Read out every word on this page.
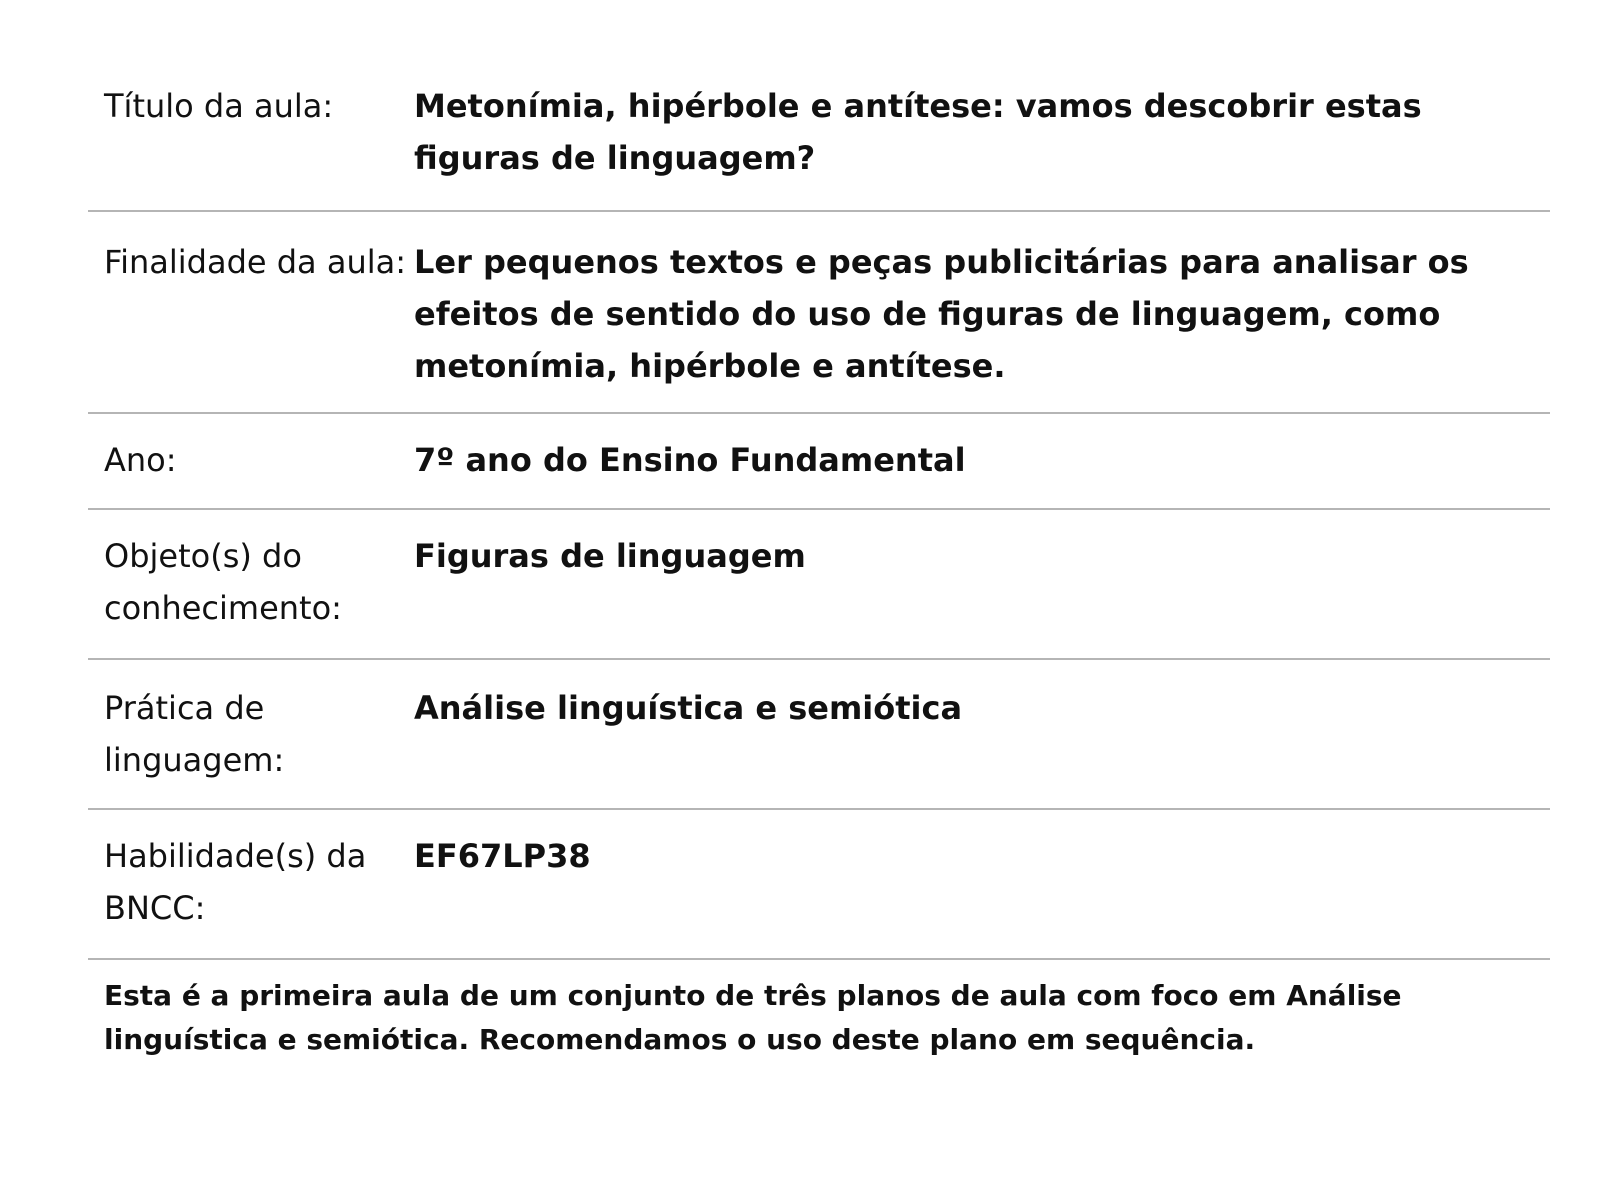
Título da aula:	Metonímia, hipérbole e antítese: vamos descobrir estas figuras de linguagem?
Finalidade da aula: Ler pequenos textos e peças publicitárias para analisar os efeitos de sentido do uso de figuras de linguagem, como metonímia, hipérbole e antítese.
Ano:	7º ano do Ensino Fundamental
Objeto(s) do conhecimento:
Figuras de linguagem
Prática de linguagem:
Análise linguística e semiótica
Habilidade(s) da BNCC:
EF67LP38
Esta é a primeira aula de um conjunto de três planos de aula com foco em Análise linguística e semiótica. Recomendamos o uso deste plano em sequência.
